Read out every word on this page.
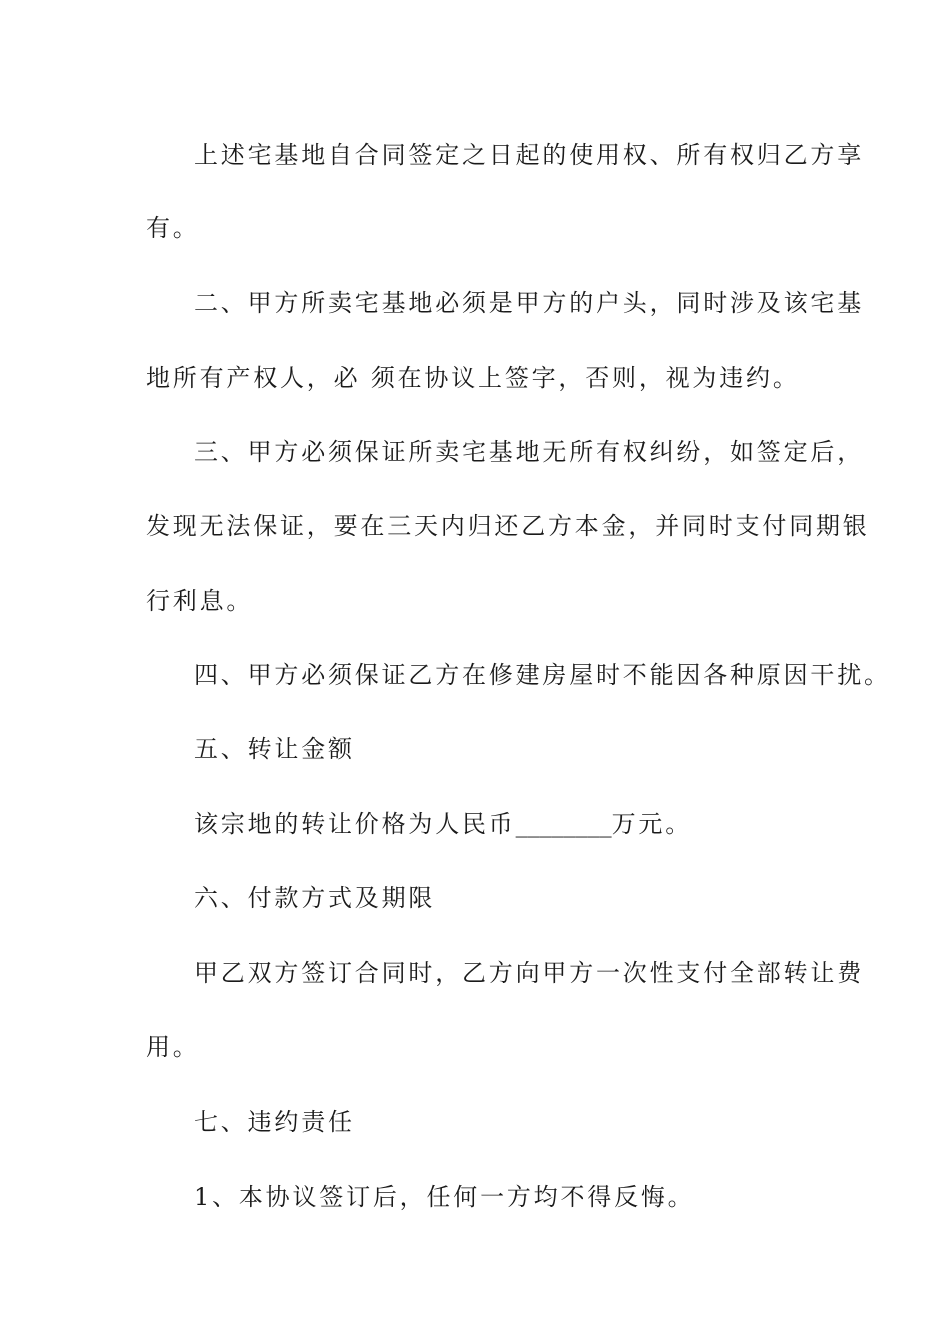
上述宅基地自合同签定之日起的使用权、所有权归乙方享
有。
二、甲方所卖宅基地必须是甲方的户头，同时涉及该宅基
地所有产权人，必 须在协议上签字，否则，视为违约。
三、甲方必须保证所卖宅基地无所有权纠纷，如签定后，
发现无法保证，要在三天内归还乙方本金，并同时支付同期银
行利息。
四、甲方必须保证乙方在修建房屋时不能因各种原因干扰。
五、转让金额
该宗地的转让价格为人民币________万元。
六、付款方式及期限
甲乙双方签订合同时，乙方向甲方一次性支付全部转让费
用。
七、违约责任
1、本协议签订后，任何一方均不得反悔。
